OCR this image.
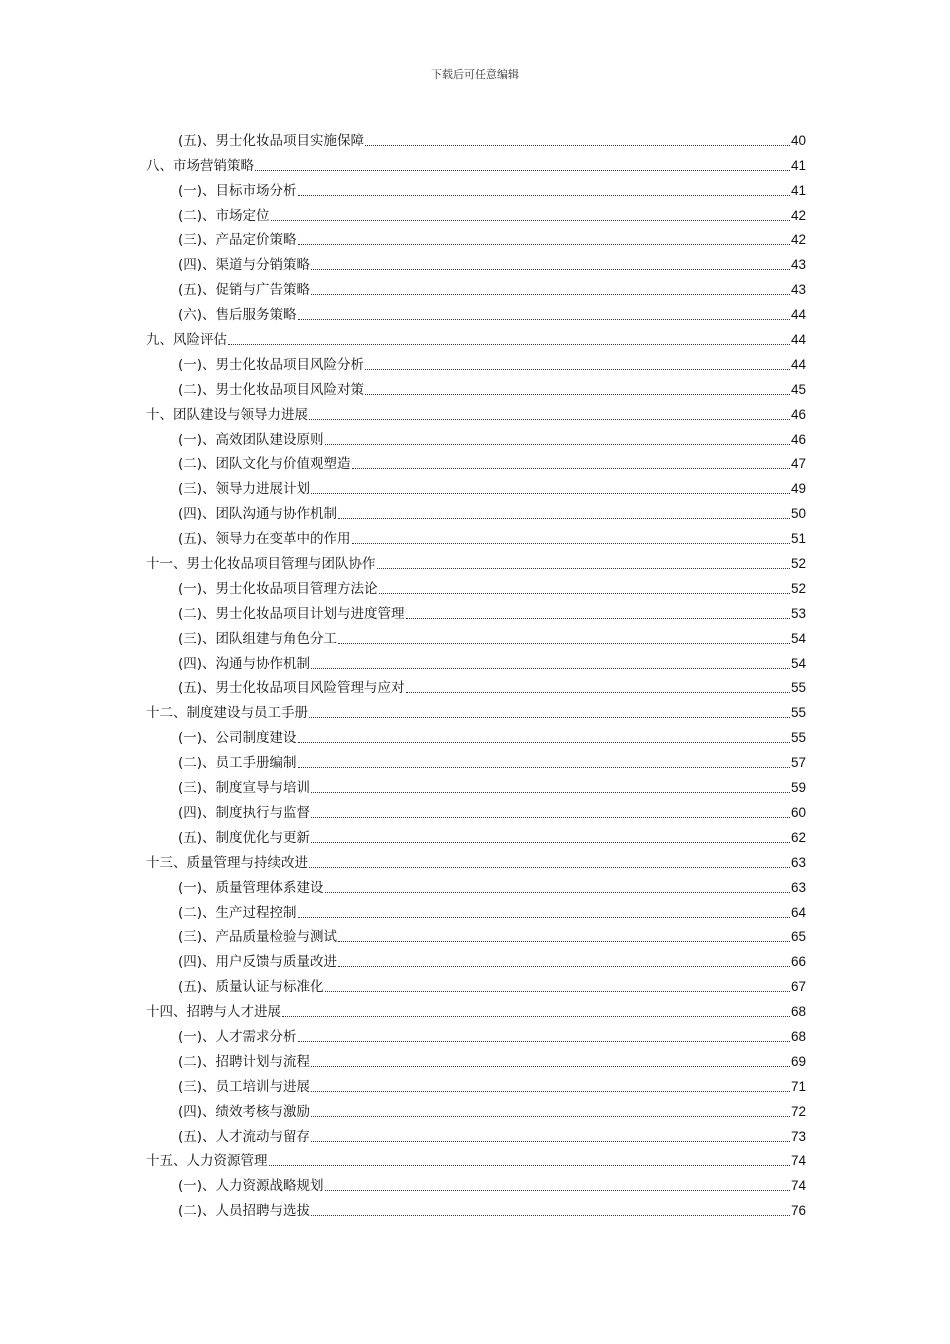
下载后可任意编辑
(五)、男士化妆品项目实施保障	40
八、市场营销策略	41
(一)、目标市场分析	41
(二)、市场定位	42
(三)、产品定价策略	42
(四)、渠道与分销策略	43
(五)、促销与广告策略	43
(六)、售后服务策略	44
九、风险评估	44
(一)、男士化妆品项目风险分析	44
(二)、男士化妆品项目风险对策	45
十、团队建设与领导力进展	46
(一)、高效团队建设原则	46
(二)、团队文化与价值观塑造	47
(三)、领导力进展计划	49
(四)、团队沟通与协作机制	50
(五)、领导力在变革中的作用	51
十一、男士化妆品项目管理与团队协作	52
(一)、男士化妆品项目管理方法论	52
(二)、男士化妆品项目计划与进度管理	53
(三)、团队组建与角色分工	54
(四)、沟通与协作机制	54
(五)、男士化妆品项目风险管理与应对	55
十二、制度建设与员工手册	55
(一)、公司制度建设	55
(二)、员工手册编制	57
(三)、制度宣导与培训	59
(四)、制度执行与监督	60
(五)、制度优化与更新	62
十三、质量管理与持续改进	63
(一)、质量管理体系建设	63
(二)、生产过程控制	64
(三)、产品质量检验与测试	65
(四)、用户反馈与质量改进	66
(五)、质量认证与标准化	67
十四、招聘与人才进展	68
(一)、人才需求分析	68
(二)、招聘计划与流程	69
(三)、员工培训与进展	71
(四)、绩效考核与激励	72
(五)、人才流动与留存	73
十五、人力资源管理	74
(一)、人力资源战略规划	74
(二)、人员招聘与选拔	76
